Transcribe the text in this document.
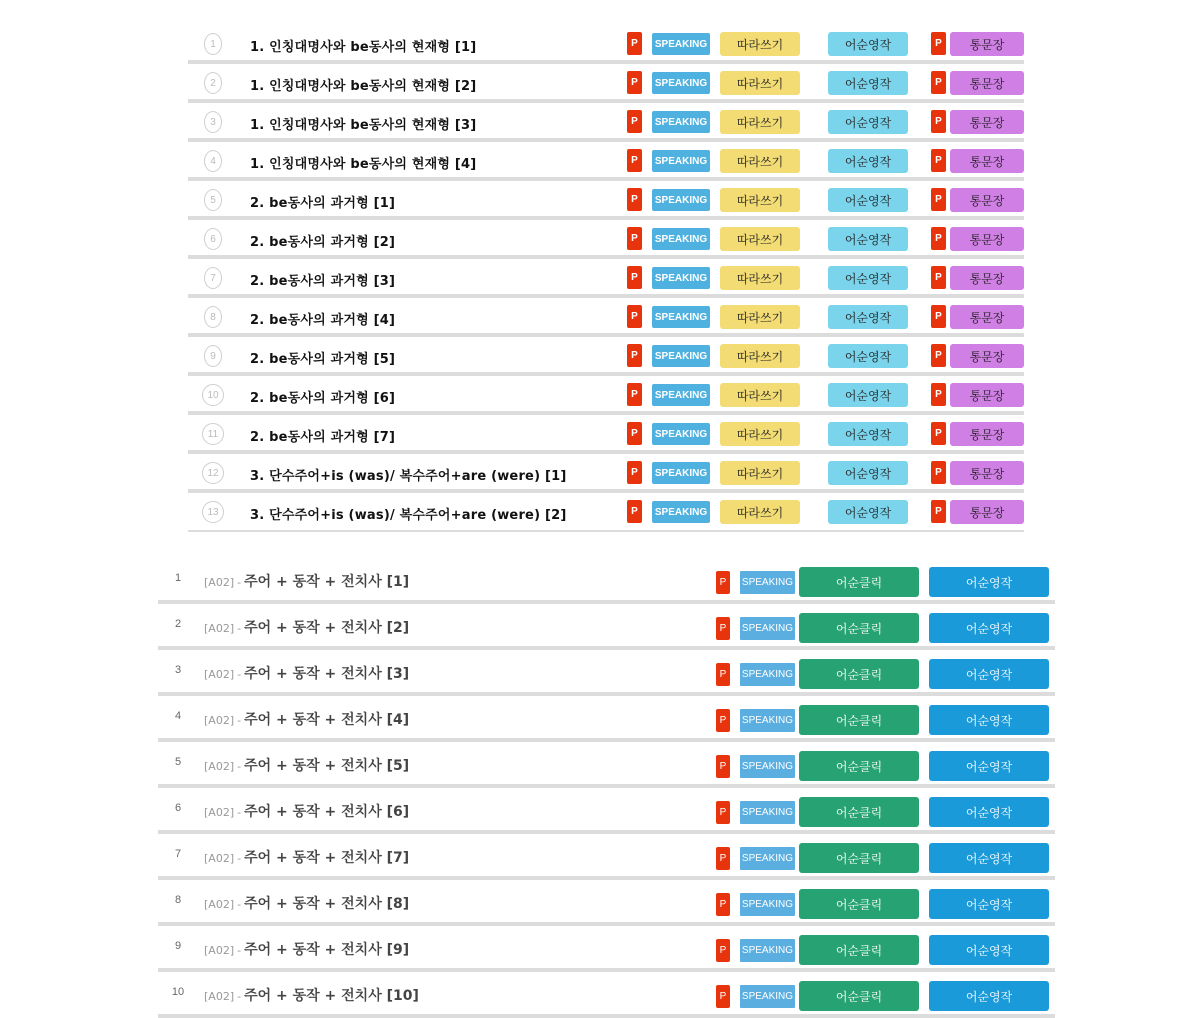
1	1. 인칭대명사와 be동사의 현재형 [1]	P	SPEAKING	따라쓰기	어순영작	P	통문장
2	1. 인칭대명사와 be동사의 현재형 [2]	P	SPEAKING	따라쓰기	어순영작	P	통문장
3	1. 인칭대명사와 be동사의 현재형 [3]	P	SPEAKING	따라쓰기	어순영작	P	통문장
4	1. 인칭대명사와 be동사의 현재형 [4]	P	SPEAKING	따라쓰기	어순영작	P	통문장
5	2. be동사의 과거형 [1]	P	SPEAKING	따라쓰기	어순영작	P	통문장
6	2. be동사의 과거형 [2]	P	SPEAKING	따라쓰기	어순영작	P	통문장
7	2. be동사의 과거형 [3]	P	SPEAKING	따라쓰기	어순영작	P	통문장
8	2. be동사의 과거형 [4]	P	SPEAKING	따라쓰기	어순영작	P	통문장
9	2. be동사의 과거형 [5]	P	SPEAKING	따라쓰기	어순영작	P	통문장
10	2. be동사의 과거형 [6]	P	SPEAKING	따라쓰기	어순영작	P	통문장
11	2. be동사의 과거형 [7]	P	SPEAKING	따라쓰기	어순영작	P	통문장
12	3. 단수주어+is (was)/ 복수주어+are (were) [1]	P	SPEAKING	따라쓰기	어순영작	P	통문장
13	3. 단수주어+is (was)/ 복수주어+are (were) [2]	P	SPEAKING	따라쓰기	어순영작	P	통문장
1	[A02] - 주어 + 동작 + 전치사 [1]	P	SPEAKING	어순클릭	어순영작
2	[A02] - 주어 + 동작 + 전치사 [2]	P	SPEAKING	어순클릭	어순영작
3	[A02] - 주어 + 동작 + 전치사 [3]	P	SPEAKING	어순클릭	어순영작
4	[A02] - 주어 + 동작 + 전치사 [4]	P	SPEAKING	어순클릭	어순영작
5	[A02] - 주어 + 동작 + 전치사 [5]	P	SPEAKING	어순클릭	어순영작
6	[A02] - 주어 + 동작 + 전치사 [6]	P	SPEAKING	어순클릭	어순영작
7	[A02] - 주어 + 동작 + 전치사 [7]	P	SPEAKING	어순클릭	어순영작
8	[A02] - 주어 + 동작 + 전치사 [8]	P	SPEAKING	어순클릭	어순영작
9	[A02] - 주어 + 동작 + 전치사 [9]	P	SPEAKING	어순클릭	어순영작
10	[A02] - 주어 + 동작 + 전치사 [10]	P	SPEAKING	어순클릭	어순영작
